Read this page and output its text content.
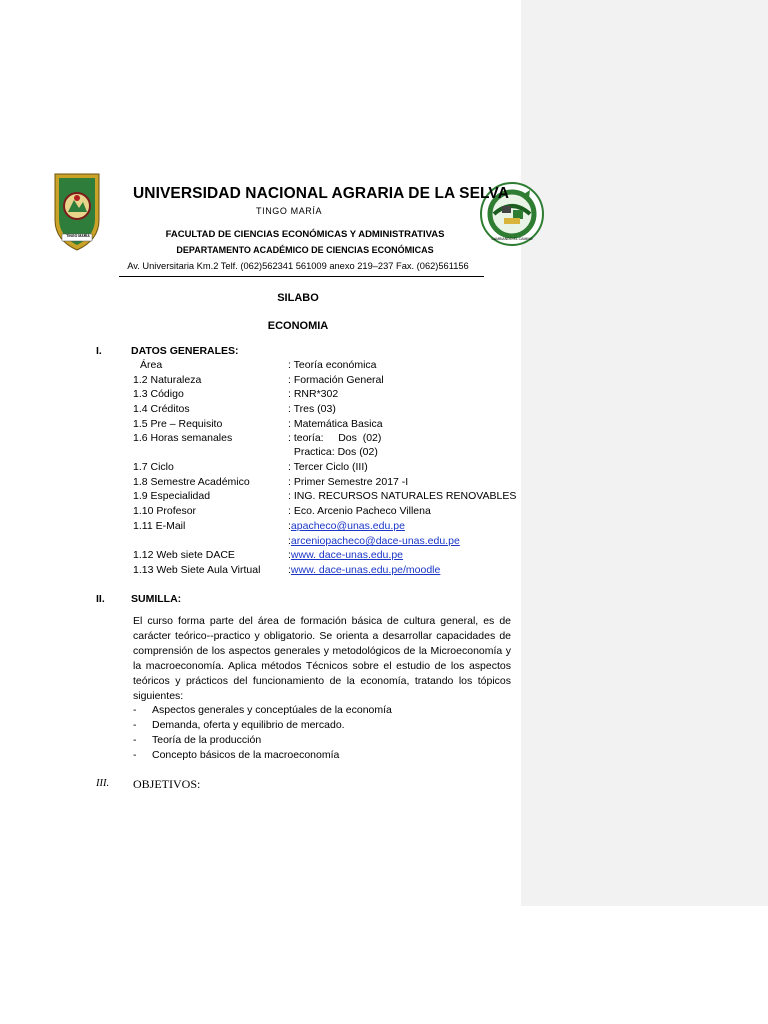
TINGO MARÍA
CAMBIANDO EL CAMINO
UNIVERSIDAD NACIONAL AGRARIA DE LA SELVA
TINGO MARÍA
FACULTAD DE CIENCIAS ECONÓMICAS Y ADMINISTRATIVAS
DEPARTAMENTO ACADÉMICO DE CIENCIAS ECONÓMICAS
Av. Universitaria Km.2 Telf. (062)562341 561009 anexo 219–237 Fax. (062)561156
SILABO
ECONOMIA
I.	DATOS GENERALES:
Área	: Teoría económica
1.2 Naturaleza	: Formación General
1.3 Código	: RNR*302
1.4 Créditos	: Tres (03)
1.5 Pre – Requisito	: Matemática Basica
1.6 Horas semanales	: teoría:     Dos  (02)
Practica: Dos (02)
1.7 Ciclo	: Tercer Ciclo (III)
1.8 Semestre Académico	: Primer Semestre 2017 -I
1.9 Especialidad	: ING. RECURSOS NATURALES RENOVABLES
1.10 Profesor	: Eco. Arcenio Pacheco Villena
1.11 E-Mail	:apacheco@unas.edu.pe
:arceniopacheco@dace-unas.edu.pe
1.12 Web siete DACE	:www. dace-unas.edu.pe
1.13 Web Siete Aula Virtual	:www. dace-unas.edu.pe/moodle
II. SUMILLA:
El curso forma parte del área de formación básica de cultura general, es de carácter teórico--practico y obligatorio. Se orienta a desarrollar capacidades de comprensión de los aspectos generales y metodológicos de la Microeconomía y la macroeconomía. Aplica métodos Técnicos sobre el estudio de los aspectos teóricos y prácticos del funcionamiento de la economía, tratando los tópicos siguientes:
- Aspectos generales y conceptúales de la economía
- Demanda, oferta y equilibrio de mercado.
- Teoría de la producción
- Concepto básicos de la macroeconomía
III. OBJETIVOS:
